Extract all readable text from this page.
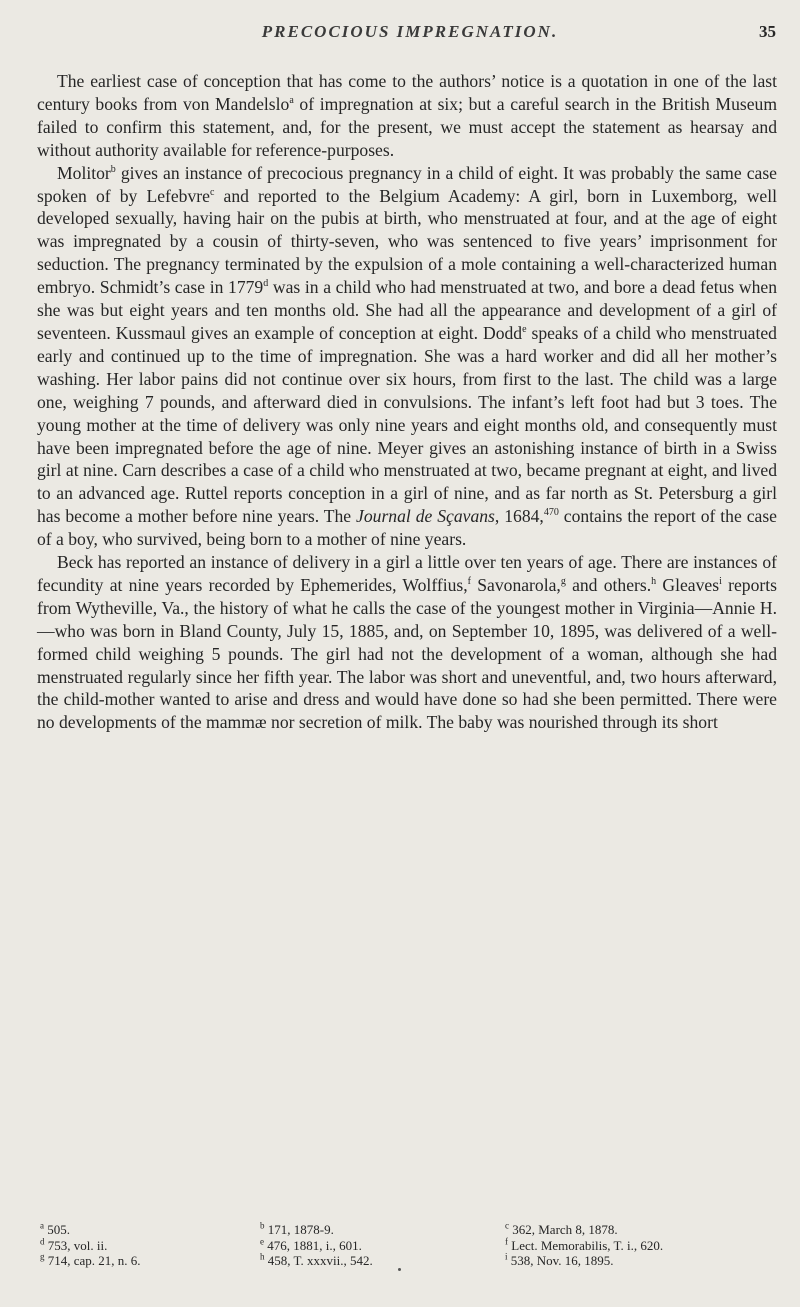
PRECOCIOUS IMPREGNATION.	35

The earliest case of conception that has come to the authors’ notice is a quotation in one of the last century books from von Mandelslo$^a$ of impregnation at six; but a careful search in the British Museum failed to confirm this statement, and, for the present, we must accept the statement as hearsay and without authority available for reference-purposes.

Molitor$^b$ gives an instance of precocious pregnancy in a child of eight. It was probably the same case spoken of by Lefebvre$^c$ and reported to the Belgium Academy: A girl, born in Luxemborg, well developed sexually, having hair on the pubis at birth, who menstruated at four, and at the age of eight was impregnated by a cousin of thirty-seven, who was sentenced to five years’ imprisonment for seduction. The pregnancy terminated by the expulsion of a mole containing a well-characterized human embryo. Schmidt’s case in 1779$^d$ was in a child who had menstruated at two, and bore a dead fetus when she was but eight years and ten months old. She had all the appearance and development of a girl of seventeen. Kussmaul gives an example of conception at eight. Dodd$^e$ speaks of a child who menstruated early and continued up to the time of impregnation. She was a hard worker and did all her mother’s washing. Her labor pains did not continue over six hours, from first to the last. The child was a large one, weighing 7 pounds, and afterward died in convulsions. The infant’s left foot had but 3 toes. The young mother at the time of delivery was only nine years and eight months old, and consequently must have been impregnated before the age of nine. Meyer gives an astonishing instance of birth in a Swiss girl at nine. Carn describes a case of a child who menstruated at two, became pregnant at eight, and lived to an advanced age. Ruttel reports conception in a girl of nine, and as far north as St. Petersburg a girl has become a mother before nine years. The Journal de Sçavans, 1684,$^{470}$ contains the report of the case of a boy, who survived, being born to a mother of nine years.

Beck has reported an instance of delivery in a girl a little over ten years of age. There are instances of fecundity at nine years recorded by Ephemerides, Wolffius,$^f$ Savonarola,$^g$ and others.$^h$ Gleaves$^i$ reports from Wytheville, Va., the history of what he calls the case of the youngest mother in Virginia—Annie H.—who was born in Bland County, July 15, 1885, and, on September 10, 1895, was delivered of a well-formed child weighing 5 pounds. The girl had not the development of a woman, although she had menstruated regularly since her fifth year. The labor was short and uneventful, and, two hours afterward, the child-mother wanted to arise and dress and would have done so had she been permitted. There were no developments of the mammæ nor secretion of milk. The baby was nourished through its short

$^a$ 505.	$^b$ 171, 1878-9.	$^c$ 362, March 8, 1878.
$^d$ 753, vol. ii.	$^e$ 476, 1881, i., 601.	$^f$ Lect. Memorabilis, T. i., 620.
$^g$ 714, cap. 21, n. 6.	$^h$ 458, T. xxxvii., 542.	$^i$ 538, Nov. 16, 1895.
